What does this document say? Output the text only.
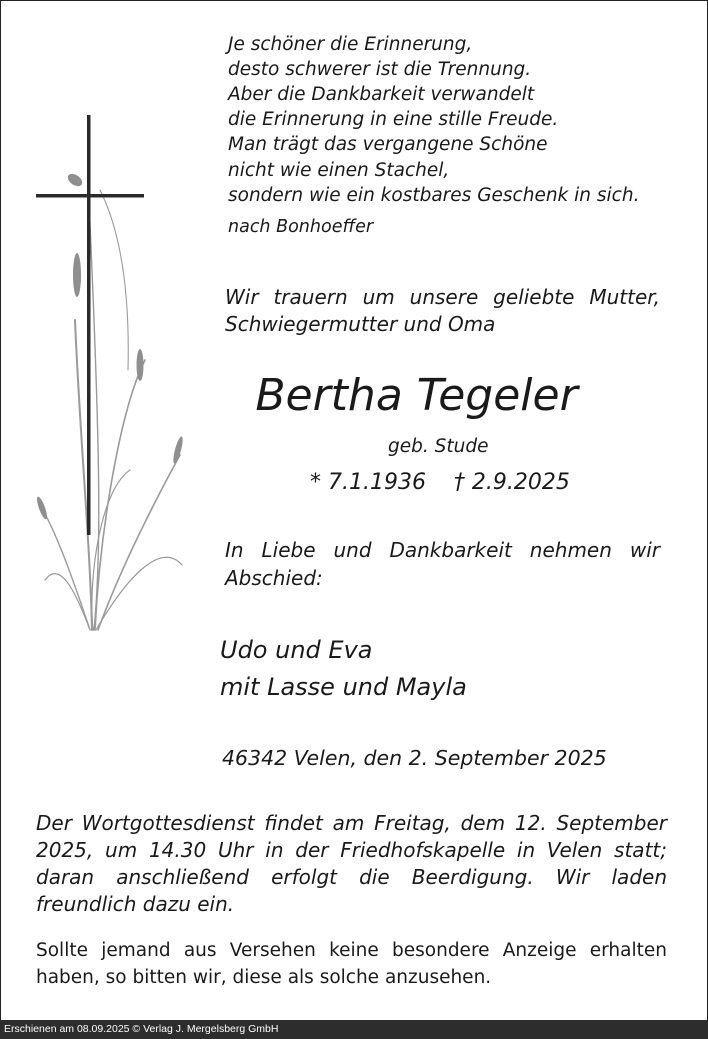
Je schöner die Erinnerung,
desto schwerer ist die Trennung.
Aber die Dankbarkeit verwandelt
die Erinnerung in eine stille Freude.
Man trägt das vergangene Schöne
nicht wie einen Stachel,
sondern wie ein kostbares Geschenk in sich.
nach Bonhoeffer
Wir trauern um unsere geliebte Mutter,
Schwiegermutter und Oma
Bertha Tegeler
geb. Stude
* 7.1.1936    † 2.9.2025
In Liebe und Dankbarkeit nehmen wir
Abschied:
Udo und Eva
mit Lasse und Mayla
46342 Velen, den 2. September 2025
Der Wortgottesdienst findet am Freitag, dem 12. September
2025, um 14.30 Uhr in der Friedhofskapelle in Velen statt;
daran anschließend erfolgt die Beerdigung. Wir laden
freundlich dazu ein.
Sollte jemand aus Versehen keine besondere Anzeige erhalten
haben, so bitten wir, diese als solche anzusehen.
Erschienen am 08.09.2025 © Verlag J. Mergelsberg GmbH
